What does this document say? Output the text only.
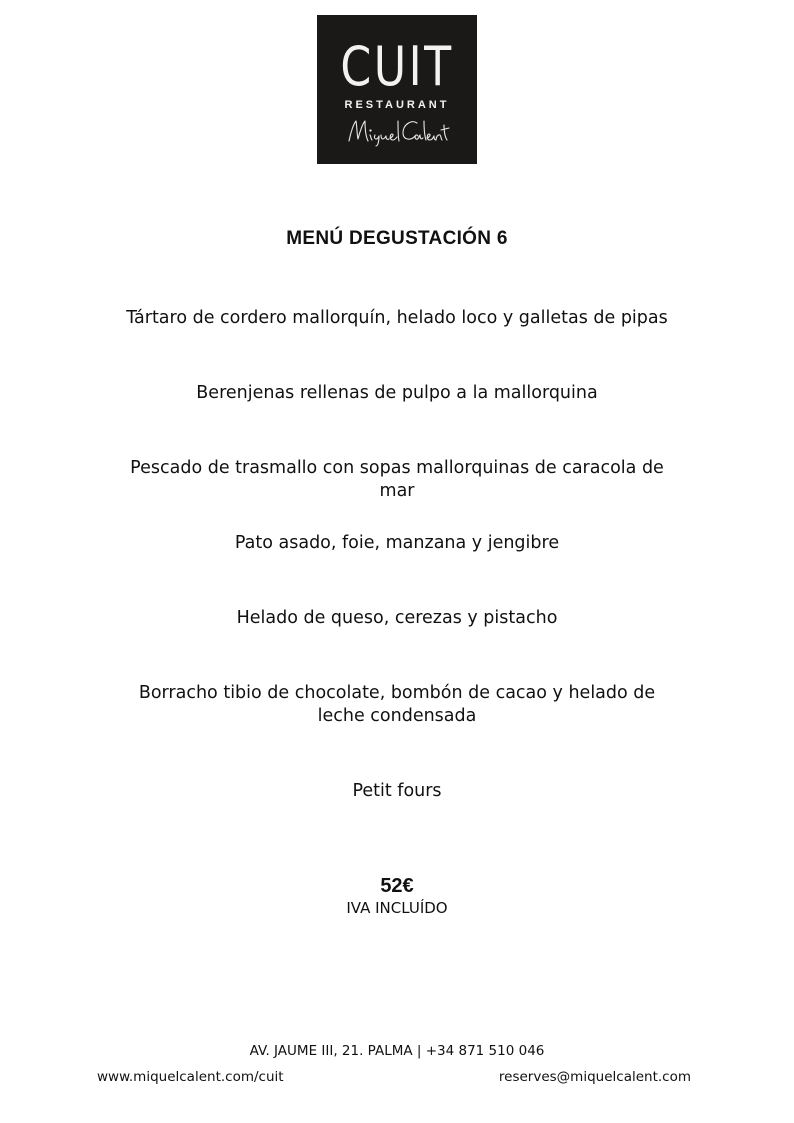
CUIT
RESTAURANT
MENÚ DEGUSTACIÓN 6
Tártaro de cordero mallorquín, helado loco y galletas de pipas
Berenjenas rellenas de pulpo a la mallorquina
Pescado de trasmallo con sopas mallorquinas de caracola de mar
Pato asado, foie, manzana y jengibre
Helado de queso, cerezas y pistacho
Borracho tibio de chocolate, bombón de cacao y helado de leche condensada
Petit fours
52€
IVA INCLUÍDO
AV. JAUME III, 21. PALMA | +34 871 510 046
www.miquelcalent.com/cuit	reserves@miquelcalent.com
